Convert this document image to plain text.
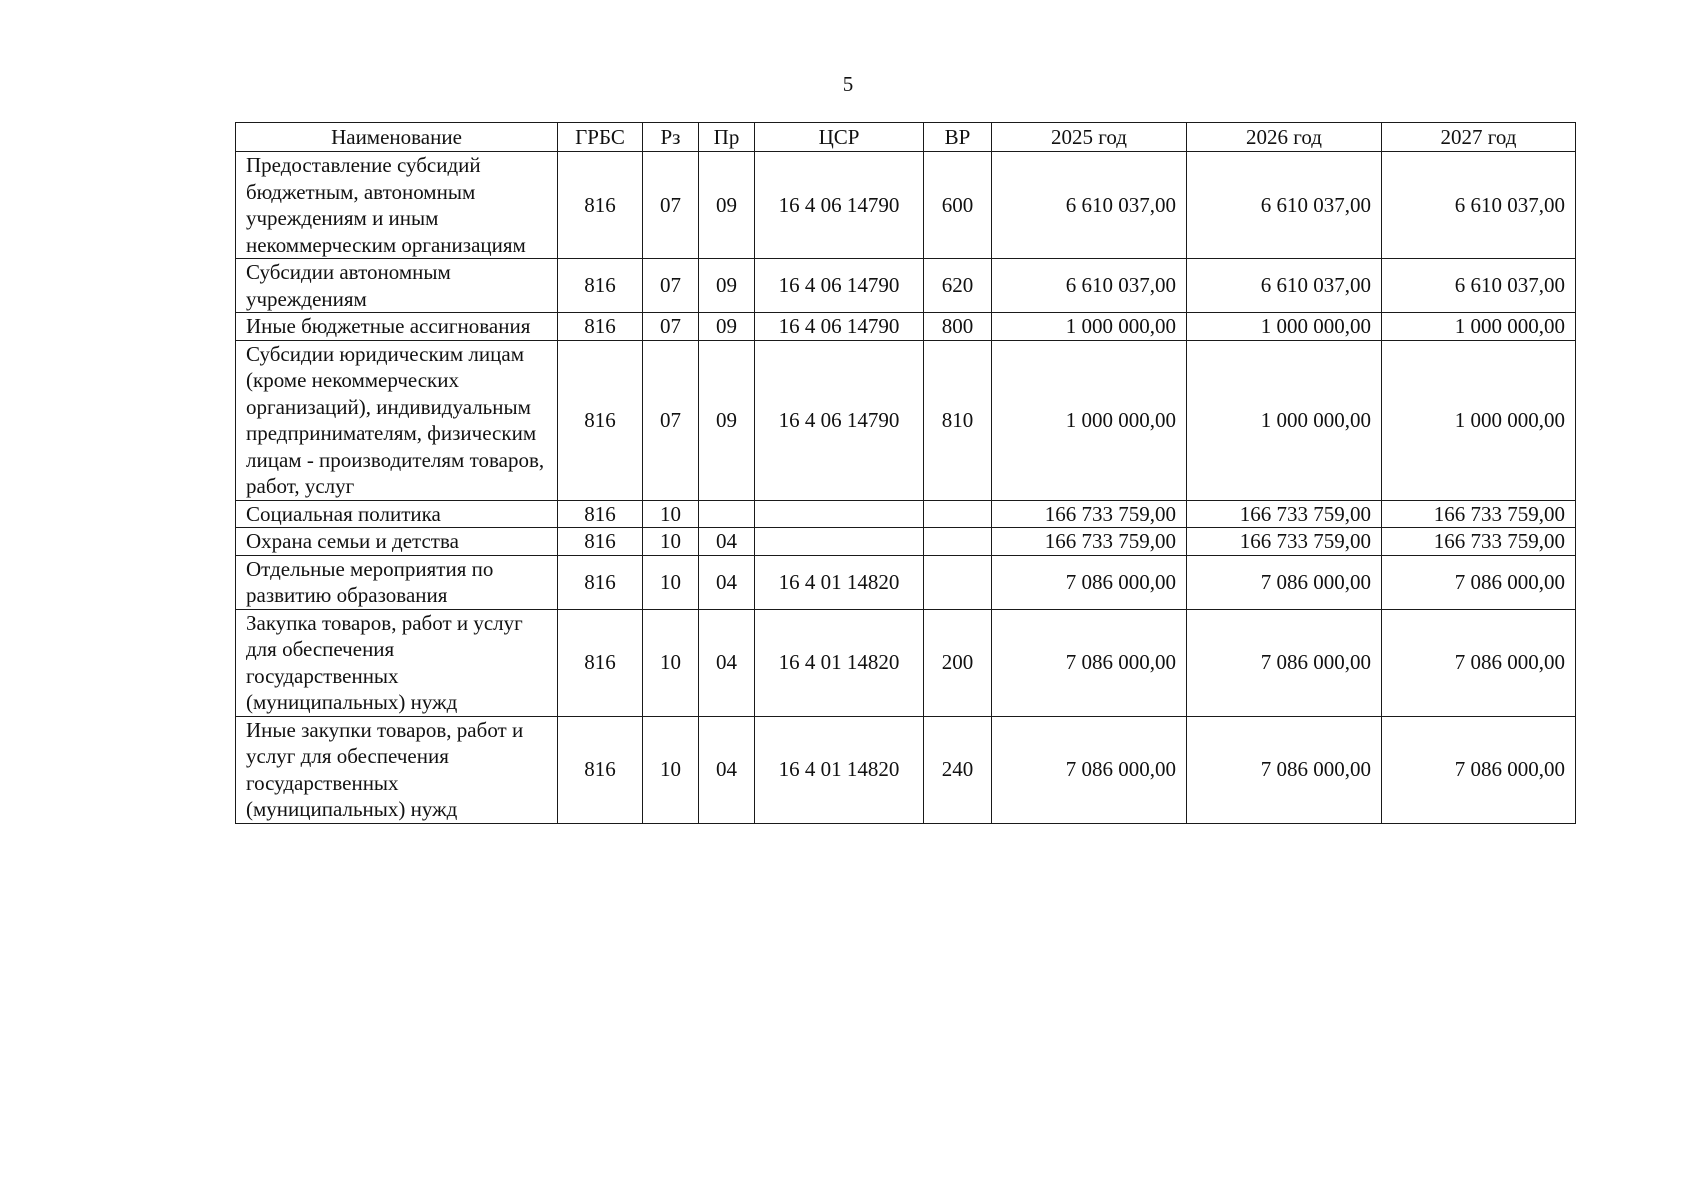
5
Наименование	ГРБС	Рз	Пр	ЦСР	ВР	2025 год	2026 год	2027 год
Предоставление субсидий бюджетным, автономным учреждениям и иным некоммерческим организациям	816	07	09	16 4 06 14790	600	6 610 037,00	6 610 037,00	6 610 037,00
Субсидии автономным учреждениям	816	07	09	16 4 06 14790	620	6 610 037,00	6 610 037,00	6 610 037,00
Иные бюджетные ассигнования	816	07	09	16 4 06 14790	800	1 000 000,00	1 000 000,00	1 000 000,00
Субсидии юридическим лицам (кроме некоммерческих организаций), индивидуальным предпринимателям, физическим лицам - производителям товаров, работ, услуг	816	07	09	16 4 06 14790	810	1 000 000,00	1 000 000,00	1 000 000,00
Социальная политика	816	10				166 733 759,00	166 733 759,00	166 733 759,00
Охрана семьи и детства	816	10	04			166 733 759,00	166 733 759,00	166 733 759,00
Отдельные мероприятия по развитию образования	816	10	04	16 4 01 14820		7 086 000,00	7 086 000,00	7 086 000,00
Закупка товаров, работ и услуг для обеспечения государственных (муниципальных) нужд	816	10	04	16 4 01 14820	200	7 086 000,00	7 086 000,00	7 086 000,00
Иные закупки товаров, работ и услуг для обеспечения государственных (муниципальных) нужд	816	10	04	16 4 01 14820	240	7 086 000,00	7 086 000,00	7 086 000,00
